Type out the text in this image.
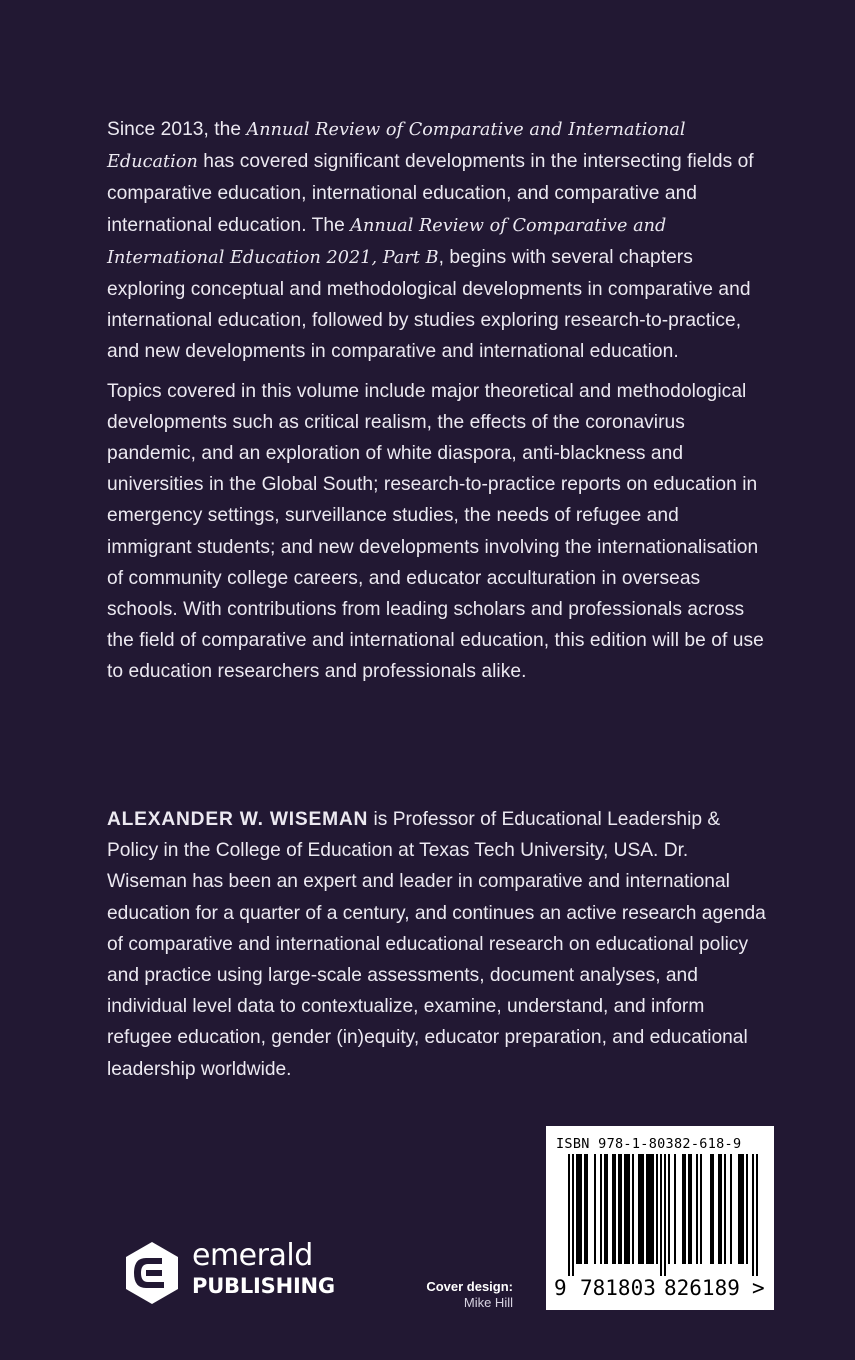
Since 2013, the Annual Review of Comparative and International Education has covered significant developments in the intersecting fields of comparative education, international education, and comparative and international education. The Annual Review of Comparative and International Education 2021, Part B, begins with several chapters exploring conceptual and methodological developments in comparative and international education, followed by studies exploring research-to-practice, and new developments in comparative and international education.

Topics covered in this volume include major theoretical and methodological developments such as critical realism, the effects of the coronavirus pandemic, and an exploration of white diaspora, anti-blackness and universities in the Global South; research-to-practice reports on education in emergency settings, surveillance studies, the needs of refugee and immigrant students; and new developments involving the internationalisation of community college careers, and educator acculturation in overseas schools. With contributions from leading scholars and professionals across the field of comparative and international education, this edition will be of use to education researchers and professionals alike.

ALEXANDER W. WISEMAN is Professor of Educational Leadership & Policy in the College of Education at Texas Tech University, USA. Dr. Wiseman has been an expert and leader in comparative and international education for a quarter of a century, and continues an active research agenda of comparative and international educational research on educational policy and practice using large-scale assessments, document analyses, and individual level data to contextualize, examine, understand, and inform refugee education, gender (in)equity, educator preparation, and educational leadership worldwide.
emerald
PUBLISHING	Cover design:
Mike Hill
ISBN 978-1-80382-618-9
9 781803 826189 >
